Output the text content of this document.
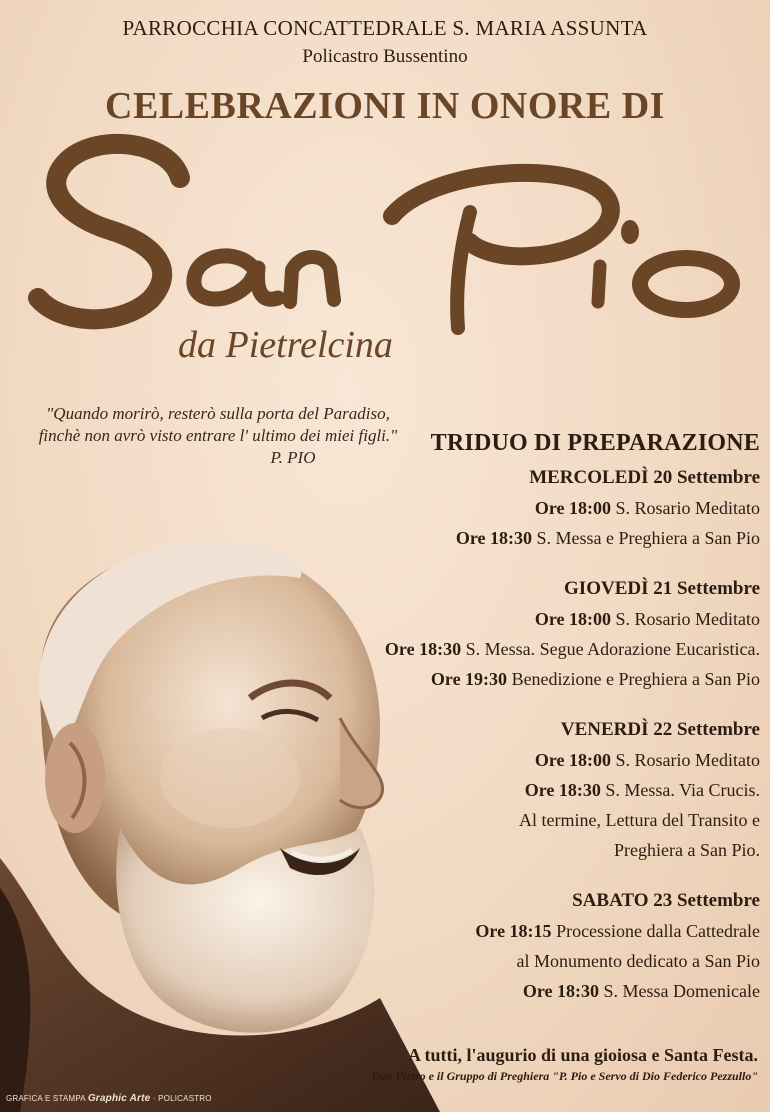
PARROCCHIA CONCATTEDRALE S. MARIA ASSUNTA
Policastro Bussentino
CELEBRAZIONI IN ONORE DI
da Pietrelcina
"Quando morirò, resterò sulla porta del Paradiso,
finchè non avrò visto entrare l' ultimo dei miei figli."
P. PIO
TRIDUO DI PREPARAZIONE
MERCOLEDÌ 20 Settembre
Ore 18:00 S. Rosario Meditato
Ore 18:30 S. Messa e Preghiera a San Pio
GIOVEDÌ 21 Settembre
Ore 18:00 S. Rosario Meditato
Ore 18:30 S. Messa. Segue Adorazione Eucaristica.
Ore 19:30 Benedizione e Preghiera a San Pio
VENERDÌ 22 Settembre
Ore 18:00 S. Rosario Meditato
Ore 18:30 S. Messa. Via Crucis.
Al termine, Lettura del Transito e
Preghiera a San Pio.
SABATO 23 Settembre
Ore 18:15 Processione dalla Cattedrale
al Monumento dedicato a San Pio
Ore 18:30 S. Messa Domenicale
A tutti, l'augurio di una gioiosa e Santa Festa.
Don Pietro e il Gruppo di Preghiera "P. Pio e Servo di Dio Federico Pezzullo"
GRAFICA E STAMPA Graphic Arte · POLICASTRO
